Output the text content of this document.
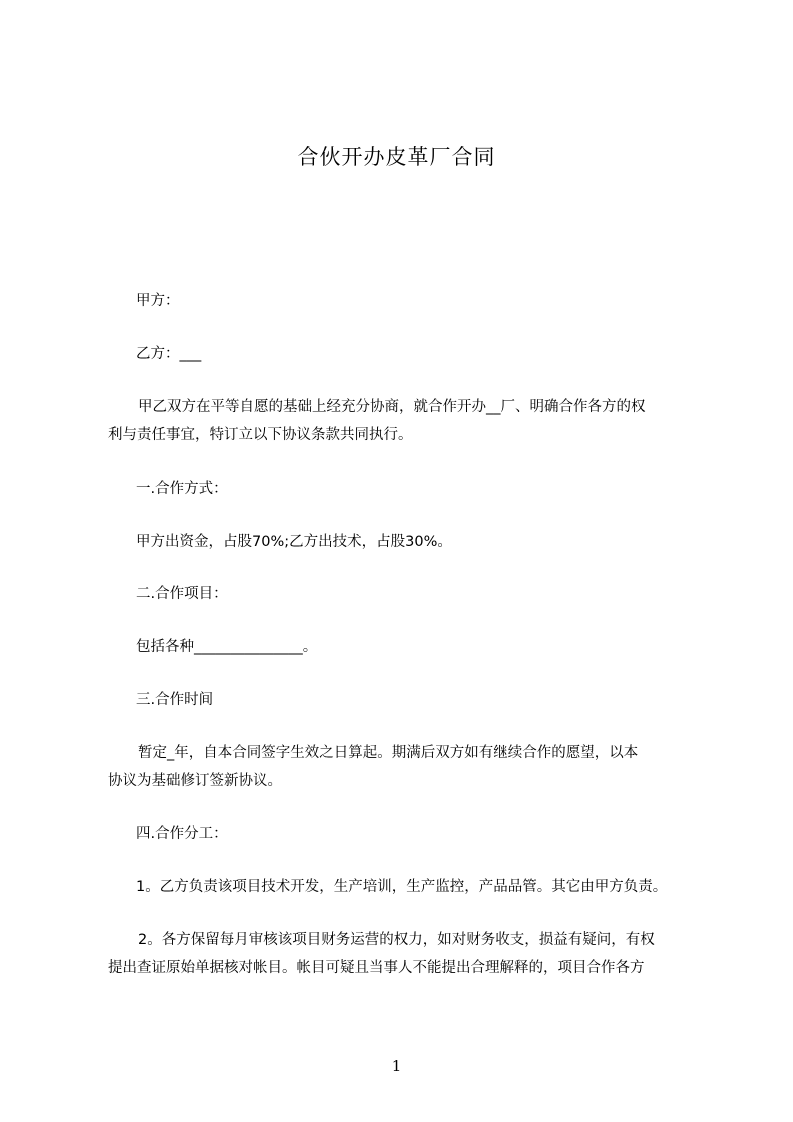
合伙开办皮革厂合同
甲方：
乙方：___
甲乙双方在平等自愿的基础上经充分协商，就合作开办__厂、明确合作各方的权
利与责任事宜，特订立以下协议条款共同执行。
一.合作方式：
甲方出资金，占股70%;乙方出技术，占股30%。
二.合作项目：
包括各种_______________。
三.合作时间
暂定_年，自本合同签字生效之日算起。期满后双方如有继续合作的愿望，以本
协议为基础修订签新协议。
四.合作分工：
1。乙方负责该项目技术开发，生产培训，生产监控，产品品管。其它由甲方负责。
2。各方保留每月审核该项目财务运营的权力，如对财务收支，损益有疑问，有权
提出查证原始单据核对帐目。帐目可疑且当事人不能提出合理解释的，项目合作各方
1
